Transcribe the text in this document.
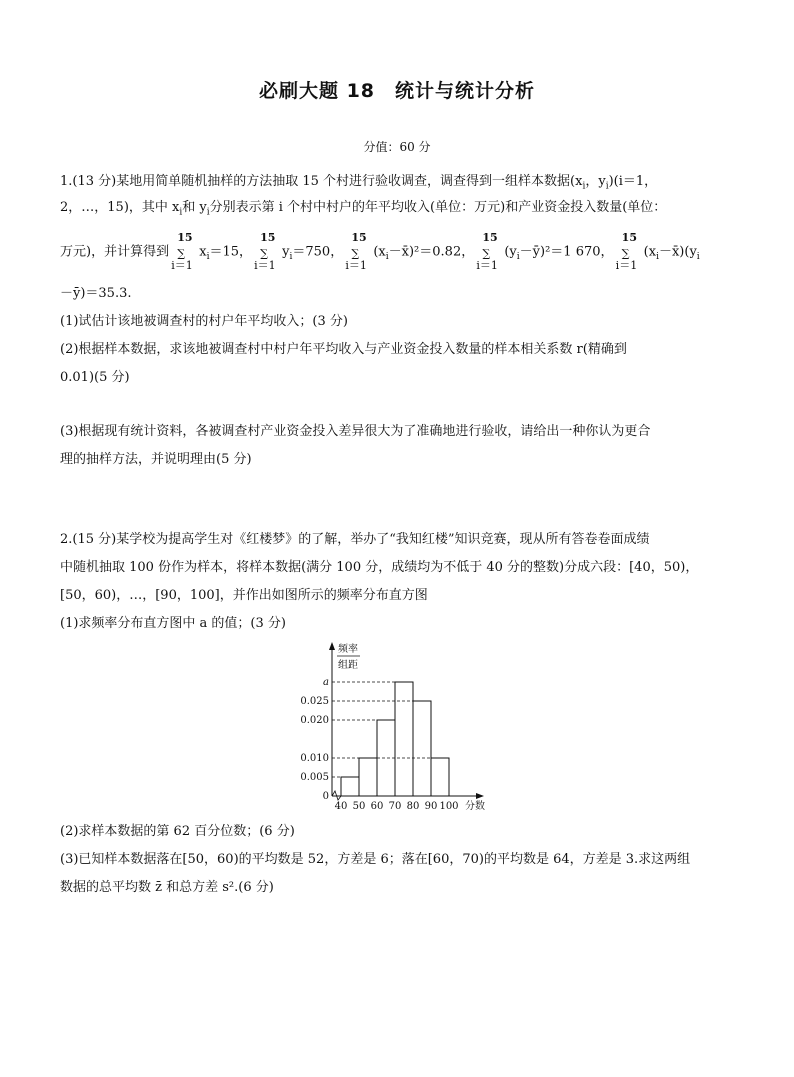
必刷大题 18　统计与统计分析
分值：60 分
1.(13 分)某地用简单随机抽样的方法抽取 15 个村进行验收调查，调查得到一组样本数据($x_i$，$y_i)(i=1$，
2，…，15)，其中 $x_i$和 $y_i$分别表示第 i 个村中村户的年平均收入(单位：万元)和产业资金投入数量(单位：
万元)，并计算得到
15
∑
i＝1
$x_i=15$，
15
∑
i＝1
$y_i=750$，
15
∑
i＝1
$(x_i-x̄)^2=0.82$，
15
∑
i＝1
$(y_i-ȳ)^2=1$ 670，
15
∑
i＝1
$(x_i-x̄)(y_i$
－ȳ)＝35.3.
(1)试估计该地被调查村的村户年平均收入；(3 分)
(2)根据样本数据，求该地被调查村中村户年平均收入与产业资金投入数量的样本相关系数 r(精确到
0.01)(5 分)
(3)根据现有统计资料，各被调查村产业资金投入差异很大为了准确地进行验收，请给出一种你认为更合
理的抽样方法，并说明理由(5 分)
2.(15 分)某学校为提高学生对《红楼梦》的了解，举办了“我知红楼”知识竞赛，现从所有答卷卷面成绩
中随机抽取 100 份作为样本，将样本数据(满分 100 分，成绩均为不低于 40 分的整数)分成六段：[40，50)，
[50，60)，…，[90，100]，并作出如图所示的频率分布直方图
(1)求频率分布直方图中 a 的值；(3 分)
频率
组距
0
0.005
0.010
0.020
0.025
a
40 50 60 70 80 90 100 分数
(2)求样本数据的第 62 百分位数；(6 分)
(3)已知样本数据落在[50，60)的平均数是 52，方差是 6；落在[60，70)的平均数是 64，方差是 3.求这两组
数据的总平均数 z̄ 和总方差 s².(6 分)
